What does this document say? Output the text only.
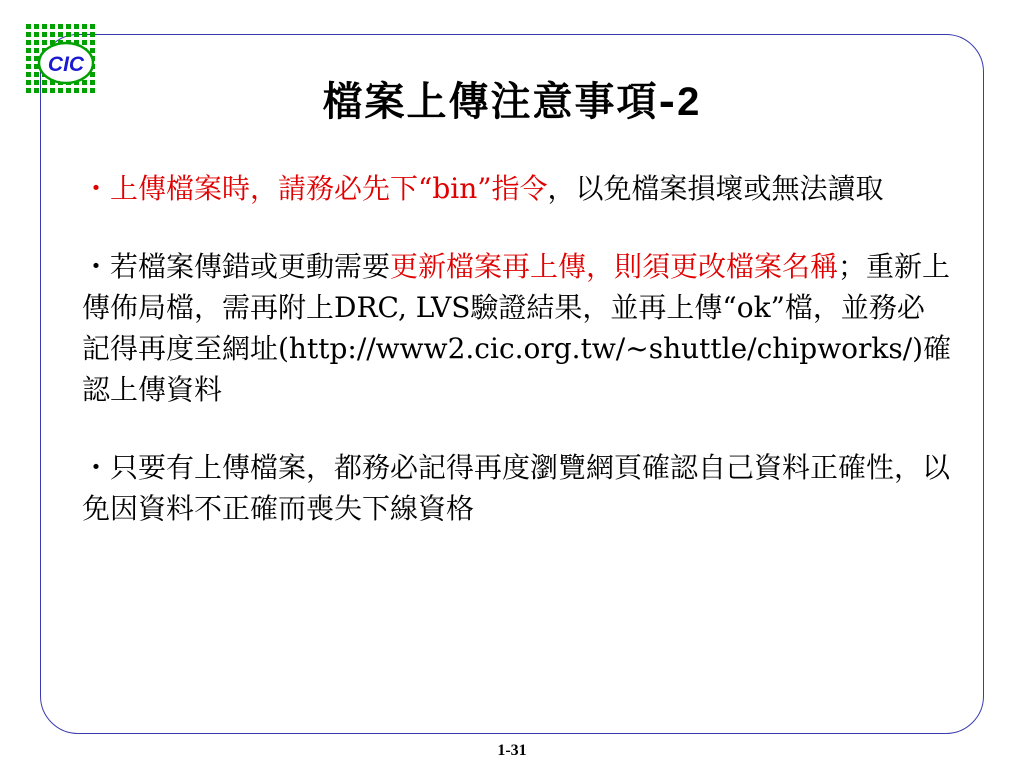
CIC
檔案上傳注意事項-2

・上傳檔案時，請務必先下“bin”指令，以免檔案損壞或無法讀取

・若檔案傳錯或更動需要更新檔案再上傳，則須更改檔案名稱；重新上傳佈局檔，需再附上DRC, LVS驗證結果，並再上傳“ok”檔，並務必記得再度至網址(http://www2.cic.org.tw/~shuttle/chipworks/)確認上傳資料

・只要有上傳檔案，都務必記得再度瀏覽網頁確認自己資料正確性，以免因資料不正確而喪失下線資格

1-31
